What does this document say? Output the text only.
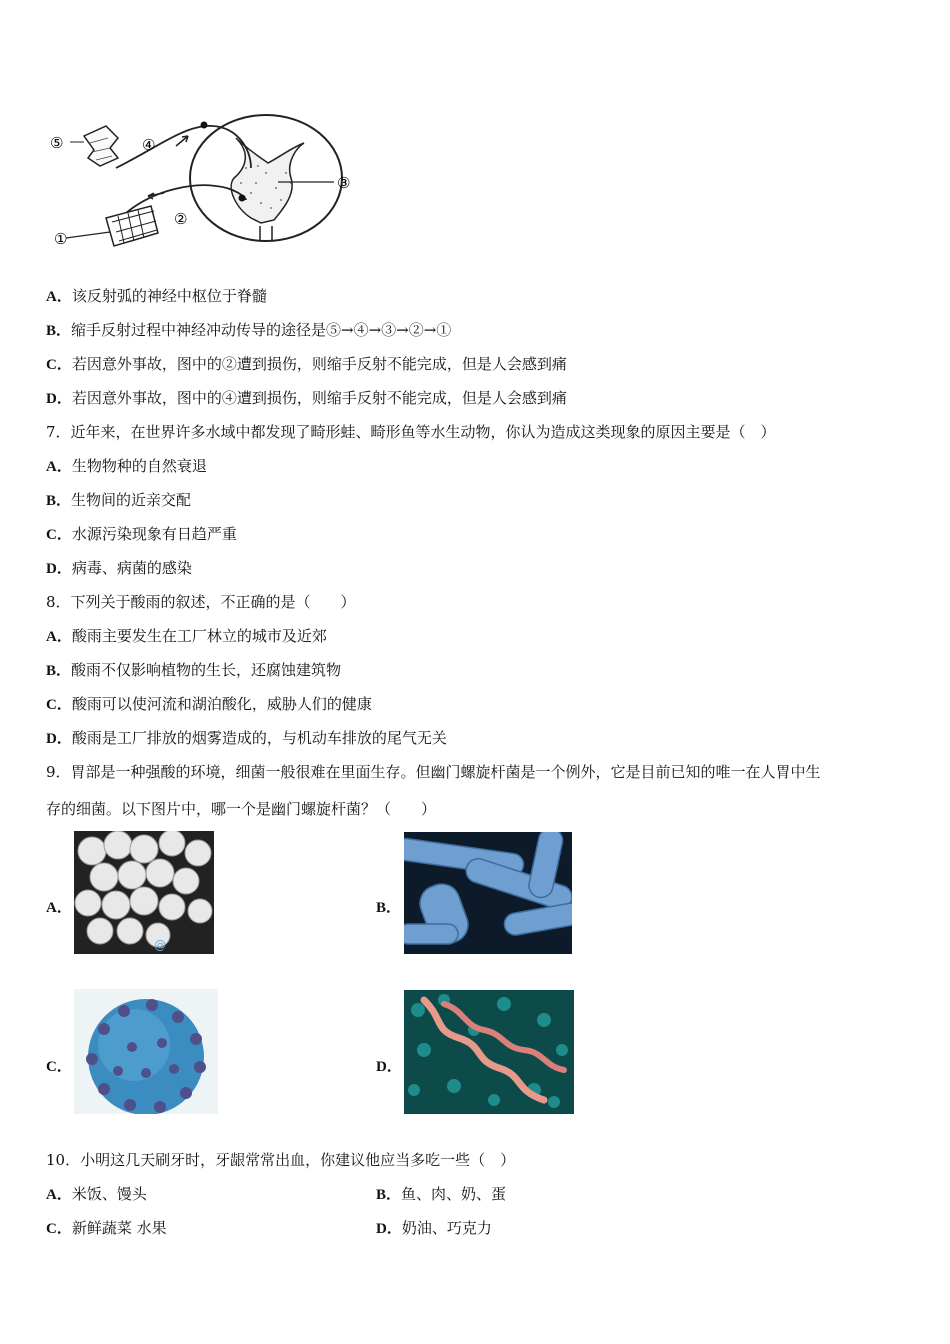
⑤	④
③
②
①
A．该反射弧的神经中枢位于脊髓
B．缩手反射过程中神经冲动传导的途径是⑤→④→③→②→①
C．若因意外事故，图中的②遭到损伤，则缩手反射不能完成，但是人会感到痛
D．若因意外事故，图中的④遭到损伤，则缩手反射不能完成，但是人会感到痛
7．近年来，在世界许多水域中都发现了畸形蛙、畸形鱼等水生动物，你认为造成这类现象的原因主要是（　）
A．生物物种的自然衰退
B．生物间的近亲交配
C．水源污染现象有日趋严重
D．病毒、病菌的感染
8．下列关于酸雨的叙述，不正确的是（　　）
A．酸雨主要发生在工厂林立的城市及近郊
B．酸雨不仅影响植物的生长，还腐蚀建筑物
C．酸雨可以使河流和湖泊酸化，威胁人们的健康
D．酸雨是工厂排放的烟雾造成的，与机动车排放的尾气无关
9．胃部是一种强酸的环境，细菌一般很难在里面生存。但幽门螺旋杆菌是一个例外，它是目前已知的唯一在人胃中生
存的细菌。以下图片中，哪一个是幽门螺旋杆菌？（　　）
A．
@
B．
C．	D．
10．小明这几天刷牙时，牙龈常常出血，你建议他应当多吃一些（　）
A．米饭、馒头	B．鱼、肉、奶、蛋
C．新鲜蔬菜 水果	D．奶油、巧克力
